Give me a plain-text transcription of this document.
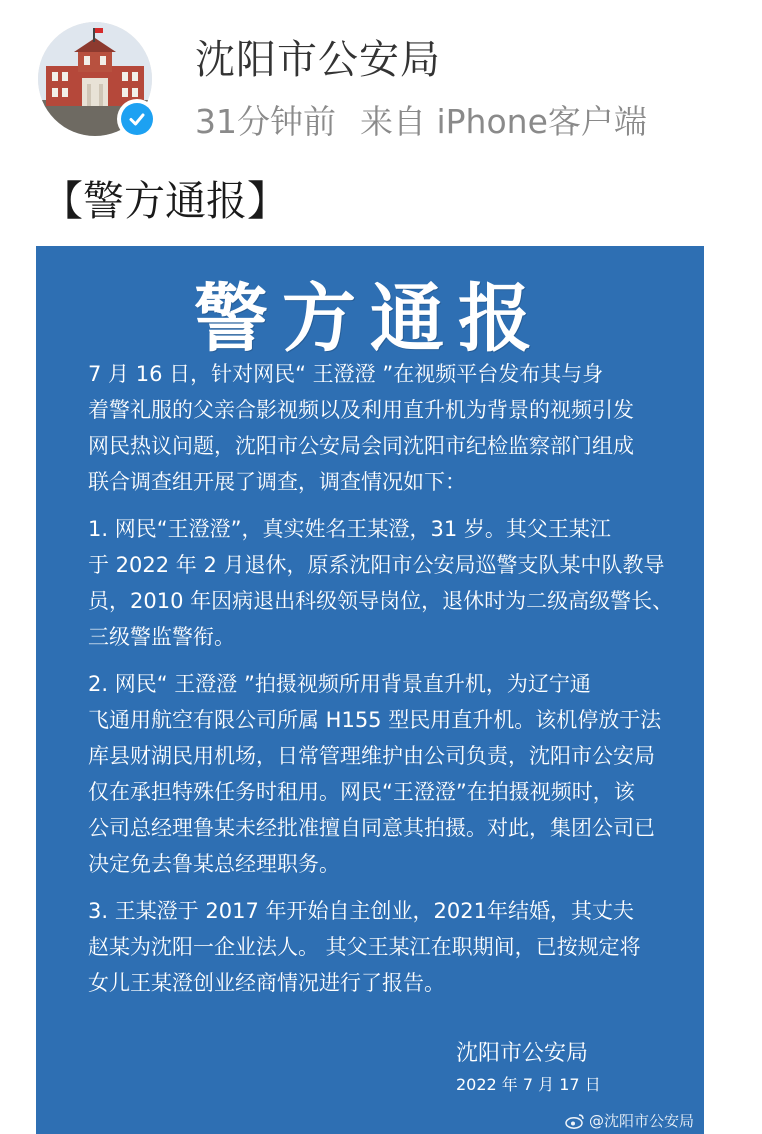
沈阳市公安局
31分钟前 来自 iPhone客户端
【警方通报】
警方通报

7 月 16 日，针对网民“ 王澄澄 ”在视频平台发布其与身
着警礼服的父亲合影视频以及利用直升机为背景的视频引发
网民热议问题，沈阳市公安局会同沈阳市纪检监察部门组成
联合调查组开展了调查，调查情况如下：

1. 网民“王澄澄”，真实姓名王某澄，31 岁。其父王某江
于 2022 年 2 月退休，原系沈阳市公安局巡警支队某中队教导
员，2010 年因病退出科级领导岗位，退休时为二级高级警长、
三级警监警衔。

2. 网民“ 王澄澄 ”拍摄视频所用背景直升机，为辽宁通
飞通用航空有限公司所属 H155 型民用直升机。该机停放于法
库县财湖民用机场，日常管理维护由公司负责，沈阳市公安局
仅在承担特殊任务时租用。网民“王澄澄”在拍摄视频时，该
公司总经理鲁某未经批准擅自同意其拍摄。对此，集团公司已
决定免去鲁某总经理职务。

3. 王某澄于 2017 年开始自主创业，2021年结婚，其丈夫
赵某为沈阳一企业法人。 其父王某江在职期间，已按规定将
女儿王某澄创业经商情况进行了报告。

沈阳市公安局
2022 年 7 月 17 日
@沈阳市公安局
